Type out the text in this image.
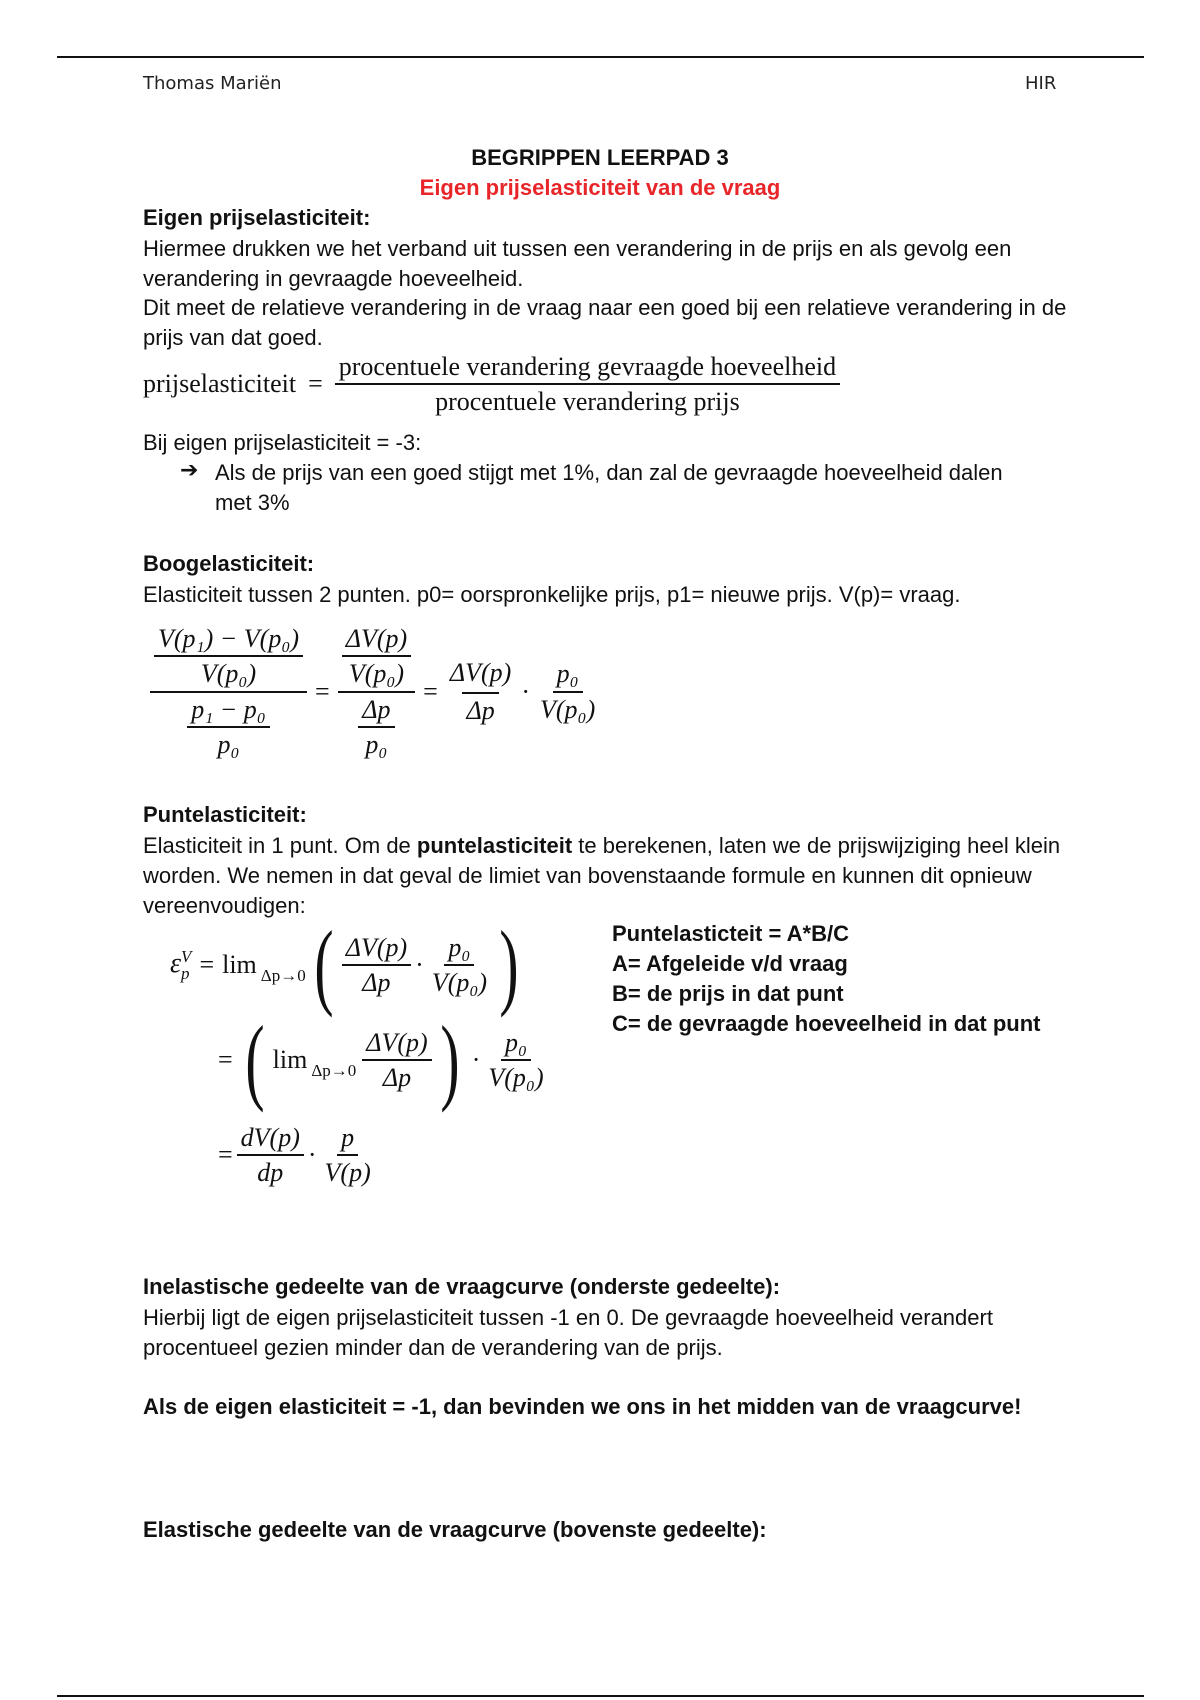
Thomas Mariën	HIR
BEGRIPPEN LEERPAD 3
Eigen prijselasticiteit van de vraag
Eigen prijselasticiteit:
Hiermee drukken we het verband uit tussen een verandering in de prijs en als gevolg een verandering in gevraagde hoeveelheid.
Dit meet de relatieve verandering in de vraag naar een goed bij een relatieve verandering in de prijs van dat goed.
prijselasticiteit = $\frac{\text{procentuele verandering gevraagde hoeveelheid}}{\text{procentuele verandering prijs}}$
Bij eigen prijselasticiteit = -3:
➔ Als de prijs van een goed stijgt met 1%, dan zal de gevraagde hoeveelheid dalen met 3%
Boogelasticiteit:
Elasticiteit tussen 2 punten. p0= oorspronkelijke prijs, p1= nieuwe prijs. V(p)= vraag.
$\frac{\frac{\text{V(p₁) − V(p₀)}}{\text{V(p₀)}}}{\frac{\text{p₁ − p₀}}{\text{p₀}}} = \frac{\frac{\Delta V(p)}{\text{V(p₀)}}}{\frac{\Delta p}{\text{p₀}}} = \frac{\Delta V(p)}{\Delta p} \cdot \frac{\text{p₀}}{\text{V(p₀)}}$
Puntelasticiteit:
Elasticiteit in 1 punt. Om de puntelasticiteit te berekenen, laten we de prijswijziging heel klein worden. We nemen in dat geval de limiet van bovenstaande formule en kunnen dit opnieuw vereenvoudigen:
ε V
p = lim Δp→0 ( $\frac{\Delta V(p)}{\Delta p} \cdot \frac{\text{p₀}}{\text{V(p₀)}}$ )
= ( $\lim \Delta p\to 0 \frac{\Delta V(p)}{\Delta p}$ ) · $\frac{\text{p₀}}{\text{V(p₀)}}$
= $\frac{dV(p)}{dp} \cdot \frac{p}{V(p)}$
Puntelasticteit = A*B/C
A= Afgeleide v/d vraag
B= de prijs in dat punt
C= de gevraagde hoeveelheid in dat punt
Inelastische gedeelte van de vraagcurve (onderste gedeelte):
Hierbij ligt de eigen prijselasticiteit tussen -1 en 0. De gevraagde hoeveelheid verandert procentueel gezien minder dan de verandering van de prijs.
Als de eigen elasticiteit = -1, dan bevinden we ons in het midden van de vraagcurve!
Elastische gedeelte van de vraagcurve (bovenste gedeelte):
